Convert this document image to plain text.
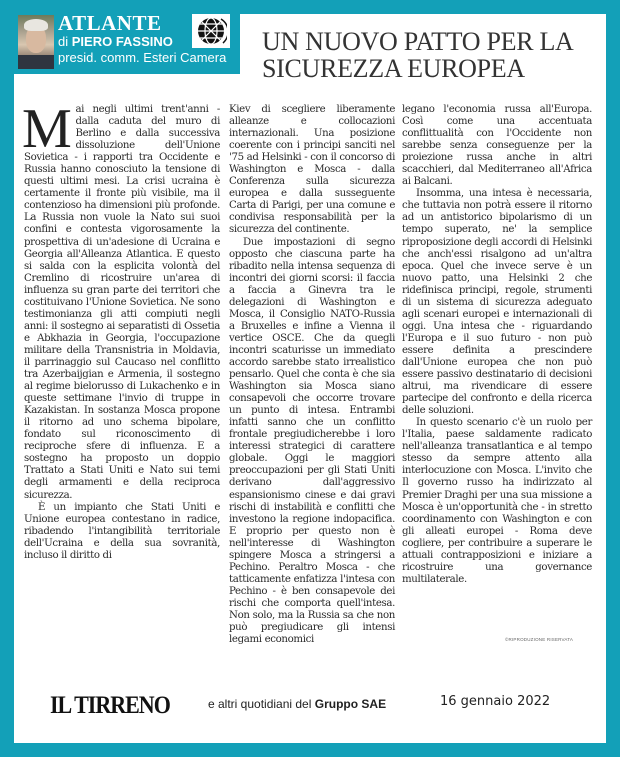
ATLANTE
di PIERO FASSINO
presid. comm. Esteri Camera
UN NUOVO PATTO PER LA
SICUREZZA EUROPEA

Mai negli ultimi trent'anni - dalla caduta del muro di Berlino e dalla successiva dissoluzione dell'Unione Sovietica - i rapporti tra Occidente e Russia hanno conosciuto la tensione di questi ultimi mesi. La crisi ucraina è certamente il fronte più visibile, ma il contenzioso ha dimensioni più profonde. La Russia non vuole la Nato sui suoi confini e contesta vigorosamente la prospettiva di un'adesione di Ucraina e Georgia all'Alleanza Atlantica. E questo si salda con la esplicita volontà del Cremlino di ricostruire un'area di influenza su gran parte dei territori che costituivano l'Unione Sovietica. Ne sono testimonianza gli atti compiuti negli anni: il sostegno ai separatisti di Ossetia e Abkhazia in Georgia, l'occupazione militare della Transnistria in Moldavia, il parrinaggio sul Caucaso nel conflitto tra Azerbaijgian e Armenia, il sostegno al regime bielorusso di Lukachenko e in queste settimane l'invio di truppe in Kazakistan. In sostanza Mosca propone il ritorno ad uno schema bipolare, fondato sul riconoscimento di reciproche sfere di influenza. E a sostegno ha proposto un doppio Trattato a Stati Uniti e Nato sui temi degli armamenti e della reciproca sicurezza.

È un impianto che Stati Uniti e Unione europea contestano in radice, ribadendo l'intangibilità territoriale dell'Ucraina e della sua sovranità, incluso il diritto di

Kiev di scegliere liberamente alleanze e collocazioni internazionali. Una posizione coerente con i principi sanciti nel '75 ad Helsinki - con il concorso di Washington e Mosca - dalla Conferenza sulla sicurezza europea e dalla susseguente Carta di Parigi, per una comune e condivisa responsabilità per la sicurezza del continente.

Due impostazioni di segno opposto che ciascuna parte ha ribadito nella intensa sequenza di incontri dei giorni scorsi: il faccia a faccia a Ginevra tra le delegazioni di Washington e Mosca, il Consiglio NATO-Russia a Bruxelles e infine a Vienna il vertice OSCE. Che da quegli incontri scaturisse un immediato accordo sarebbe stato irrealistico pensarlo. Quel che conta è che sia Washington sia Mosca siano consapevoli che occorre trovare un punto di intesa. Entrambi infatti sanno che un conflitto frontale pregiudicherebbe i loro interessi strategici di carattere globale. Oggi le maggiori preoccupazioni per gli Stati Uniti derivano dall'aggressivo espansionismo cinese e dai gravi rischi di instabilità e conflitti che investono la regione indopacifica. E proprio per questo non è nell'interesse di Washington spingere Mosca a stringersi a Pechino. Peraltro Mosca - che tatticamente enfatizza l'intesa con Pechino - è ben consapevole dei rischi che comporta quell'intesa. Non solo, ma la Russia sa che non può pregiudicare gli intensi legami economici

legano l'economia russa all'Europa. Così come una accentuata conflittualità con l'Occidente non sarebbe senza conseguenze per la proiezione russa anche in altri scacchieri, dal Mediterraneo all'Africa ai Balcani.

Insomma, una intesa è necessaria, che tuttavia non potrà essere il ritorno ad un antistorico bipolarismo di un tempo superato, ne' la semplice riproposizione degli accordi di Helsinki che anch'essi risalgono ad un'altra epoca. Quel che invece serve è un nuovo patto, una Helsinki 2 che ridefinisca principi, regole, strumenti di un sistema di sicurezza adeguato agli scenari europei e internazionali di oggi. Una intesa che - riguardando l'Europa e il suo futuro - non può essere definita a prescindere dall'Unione europea che non può essere passivo destinatario di decisioni altrui, ma rivendicare di essere partecipe del confronto e della ricerca delle soluzioni.

In questo scenario c'è un ruolo per l'Italia, paese saldamente radicato nell'alleanza transatlantica e al tempo stesso da sempre attento alla interlocuzione con Mosca. L'invito che Il governo russo ha indirizzato al Premier Draghi per una sua missione a Mosca è un'opportunità che - in stretto coordinamento con Washington e con gli alleati europei - Roma deve cogliere, per contribuire a superare le attuali contrapposizioni e iniziare a ricostruire una governance multilaterale.

©RIPRODUZIONE RISERVATA
IL TIRRENO	e altri quotidiani del Gruppo SAE	16 gennaio 2022
